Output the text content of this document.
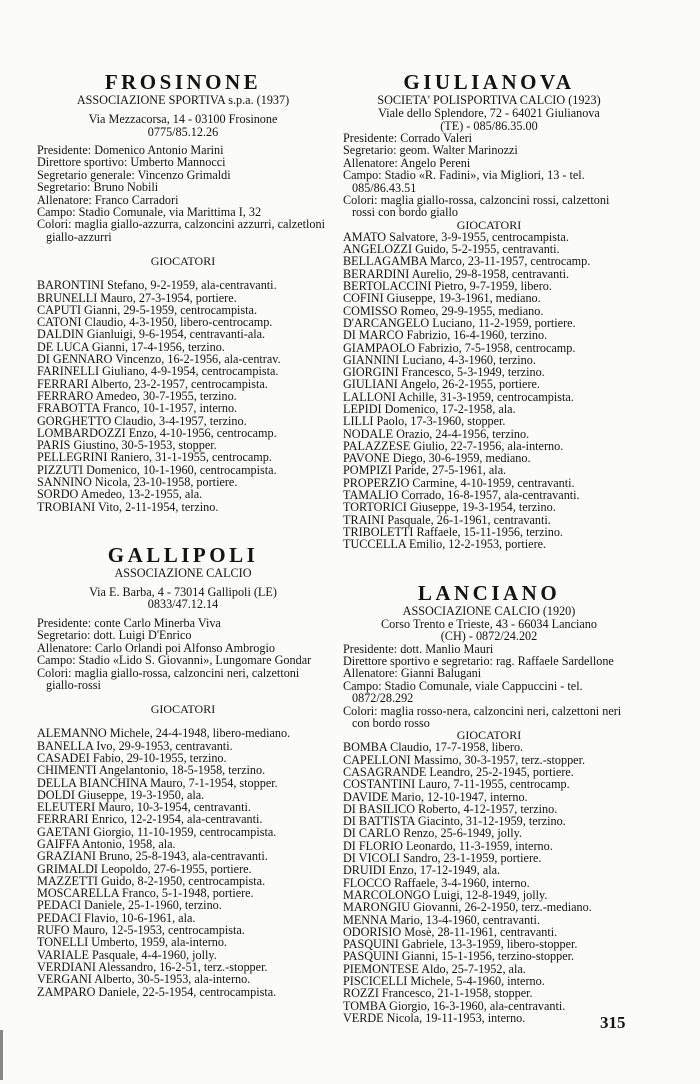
FROSINONE

ASSOCIAZIONE SPORTIVA s.p.a. (1937)

Via Mezzacorsa, 14 - 03100 Frosinone

0775/85.12.26

Presidente: Domenico Antonio Marini
Direttore sportivo: Umberto Mannocci
Segretario generale: Vincenzo Grimaldi
Segretario: Bruno Nobili
Allenatore: Franco Carradori
Campo: Stadio Comunale, via Marittima I, 32
Colori: maglia giallo-azzurra, calzoncini azzurri, calzetloni giallo-azzurri

GIOCATORI

BARONTINI Stefano, 9-2-1959, ala-centravanti.
BRUNELLI Mauro, 27-3-1954, portiere.
CAPUTI Gianni, 29-5-1959, centrocampista.
CATONI Claudio, 4-3-1950, libero-centrocamp.
DALDIN Gianluigi, 9-6-1954, centravanti-ala.
DE LUCA Gianni, 17-4-1956, terzino.
DI GENNARO Vincenzo, 16-2-1956, ala-centrav.
FARINELLI Giuliano, 4-9-1954, centrocampista.
FERRARI Alberto, 23-2-1957, centrocampista.
FERRARO Amedeo, 30-7-1955, terzino.
FRABOTTA Franco, 10-1-1957, interno.
GORGHETTO Claudio, 3-4-1957, terzino.
LOMBARDOZZI Enzo, 4-10-1956, centrocamp.
PARIS Giustino, 30-5-1953, stopper.
PELLEGRINI Raniero, 31-1-1955, centrocamp.
PIZZUTI Domenico, 10-1-1960, centrocampista.
SANNINO Nicola, 23-10-1958, portiere.
SORDO Amedeo, 13-2-1955, ala.
TROBIANI Vito, 2-11-1954, terzino.
GALLIPOLI

ASSOCIAZIONE CALCIO

Via E. Barba, 4 - 73014 Gallipoli (LE)

0833/47.12.14

Presidente: conte Carlo Minerba Viva
Segretario: dott. Luigi D'Enrico
Allenatore: Carlo Orlandi poi Alfonso Ambrogio
Campo: Stadio «Lido S. Giovanni», Lungomare Gondar
Colori: maglia giallo-rossa, calzoncini neri, calzettoni giallo-rossi

GIOCATORI

ALEMANNO Michele, 24-4-1948, libero-mediano.
BANELLA Ivo, 29-9-1953, centravanti.
CASADEI Fabio, 29-10-1955, terzino.
CHIMENTI Angelantonio, 18-5-1958, terzino.
DELLA BIANCHINA Mauro, 7-1-1954, stopper.
DOLDI Giuseppe, 19-3-1950, ala.
ELEUTERI Mauro, 10-3-1954, centravanti.
FERRARI Enrico, 12-2-1954, ala-centravanti.
GAETANI Giorgio, 11-10-1959, centrocampista.
GAIFFA Antonio, 1958, ala.
GRAZIANI Bruno, 25-8-1943, ala-centravanti.
GRIMALDI Leopoldo, 27-6-1955, portiere.
MAZZETTI Guido, 8-2-1950, centrocampista.
MOSCARELLA Franco, 5-1-1948, portiere.
PEDACI Daniele, 25-1-1960, terzino.
PEDACI Flavio, 10-6-1961, ala.
RUFO Mauro, 12-5-1953, centrocampista.
TONELLI Umberto, 1959, ala-interno.
VARIALE Pasquale, 4-4-1960, jolly.
VERDIANI Alessandro, 16-2-51, terz.-stopper.
VERGANI Alberto, 30-5-1953, ala-interno.
ZAMPARO Daniele, 22-5-1954, centrocampista.
GIULIANOVA

SOCIETA' POLISPORTIVA CALCIO (1923)

Viale dello Splendore, 72 - 64021 Giulianova

(TE) - 085/86.35.00

Presidente: Corrado Valeri
Segretario: geom. Walter Marinozzi
Allenatore: Angelo Pereni
Campo: Stadio «R. Fadini», via Migliori, 13 - tel. 085/86.43.51
Colori: maglia giallo-rossa, calzoncini rossi, calzettoni rossi con bordo giallo

GIOCATORI

AMATO Salvatore, 3-9-1955, centrocampista.
ANGELOZZI Guido, 5-2-1955, centravanti.
BELLAGAMBA Marco, 23-11-1957, centrocamp.
BERARDINI Aurelio, 29-8-1958, centravanti.
BERTOLACCINI Pietro, 9-7-1959, libero.
COFINI Giuseppe, 19-3-1961, mediano.
COMISSO Romeo, 29-9-1955, mediano.
D'ARCANGELO Luciano, 11-2-1959, portiere.
DI MARCO Fabrizio, 16-4-1960, terzino.
GIAMPAOLO Fabrizio, 7-5-1958, centrocamp.
GIANNINI Luciano, 4-3-1960, terzino.
GIORGINI Francesco, 5-3-1949, terzino.
GIULIANI Angelo, 26-2-1955, portiere.
LALLONI Achille, 31-3-1959, centrocampista.
LEPIDI Domenico, 17-2-1958, ala.
LILLI Paolo, 17-3-1960, stopper.
NODALE Orazio, 24-4-1956, terzino.
PALAZZESE Giulio, 22-7-1956, ala-interno.
PAVONE Diego, 30-6-1959, mediano.
POMPIZI Paride, 27-5-1961, ala.
PROPERZIO Carmine, 4-10-1959, centravanti.
TAMALIO Corrado, 16-8-1957, ala-centravanti.
TORTORICI Giuseppe, 19-3-1954, terzino.
TRAINI Pasquale, 26-1-1961, centravanti.
TRIBOLETTI Raffaele, 15-11-1956, terzino.
TUCCELLA Emilio, 12-2-1953, portiere.
LANCIANO

ASSOCIAZIONE CALCIO (1920)

Corso Trento e Trieste, 43 - 66034 Lanciano

(CH) - 0872/24.202

Presidente: dott. Manlio Mauri
Direttore sportivo e segretario: rag. Raffaele Sardellone
Allenatore: Gianni Balugani
Campo: Stadio Comunale, viale Cappuccini - tel. 0872/28.292
Colori: maglia rosso-nera, calzoncini neri, calzettoni neri con bordo rosso

GIOCATORI

BOMBA Claudio, 17-7-1958, libero.
CAPELLONI Massimo, 30-3-1957, terz.-stopper.
CASAGRANDE Leandro, 25-2-1945, portiere.
COSTANTINI Lauro, 7-11-1955, centrocamp.
DAVIDE Mario, 12-10-1947, interno.
DI BASILICO Roberto, 4-12-1957, terzino.
DI BATTISTA Giacinto, 31-12-1959, terzino.
DI CARLO Renzo, 25-6-1949, jolly.
DI FLORIO Leonardo, 11-3-1959, interno.
DI VICOLI Sandro, 23-1-1959, portiere.
DRUIDI Enzo, 17-12-1949, ala.
FLOCCO Raffaele, 3-4-1960, interno.
MARCOLONGO Luigi, 12-8-1949, jolly.
MARONGIU Giovanni, 26-2-1950, terz.-mediano.
MENNA Mario, 13-4-1960, centravanti.
ODORISIO Mosè, 28-11-1961, centravanti.
PASQUINI Gabriele, 13-3-1959, libero-stopper.
PASQUINI Gianni, 15-1-1956, terzino-stopper.
PIEMONTESE Aldo, 25-7-1952, ala.
PISCICELLI Michele, 5-4-1960, interno.
ROZZI Francesco, 21-1-1958, stopper.
TOMBA Giorgio, 16-3-1960, ala-centravanti.
VERDE Nicola, 19-11-1953, interno.	315
